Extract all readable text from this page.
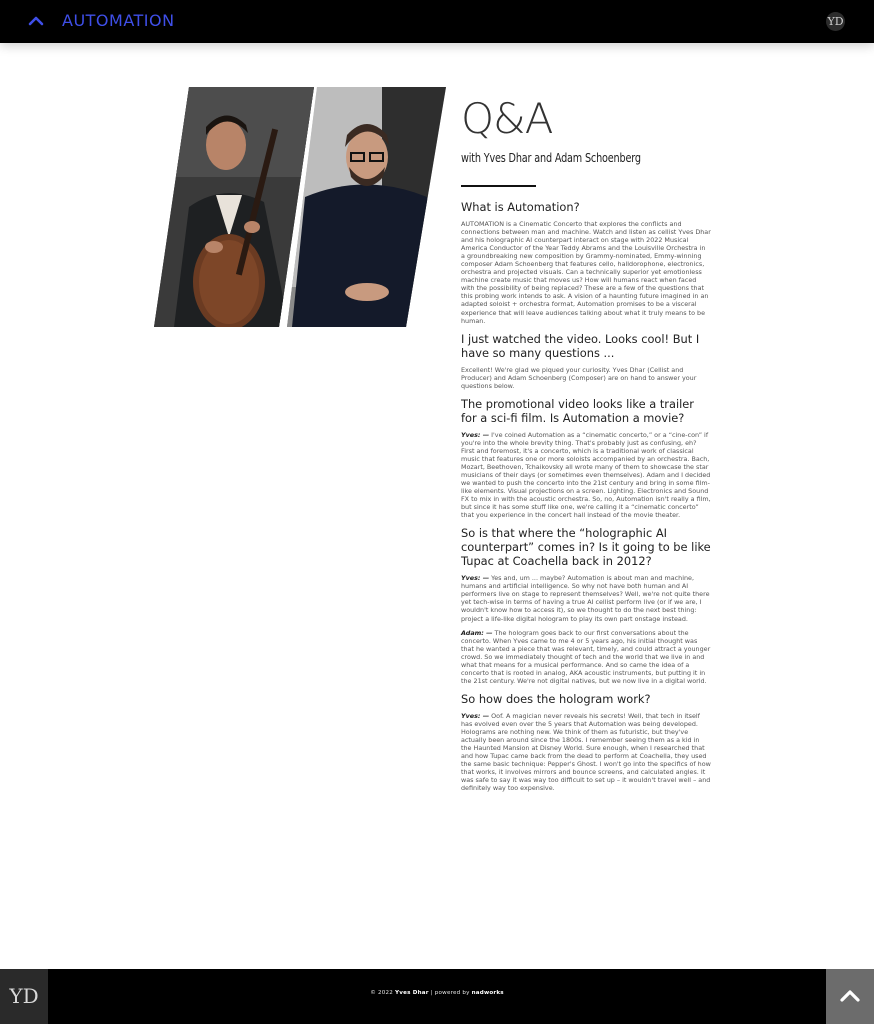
AUTOMATION	YD
Q&A
with Yves Dhar and Adam Schoenberg
What is Automation?

AUTOMATION is a Cinematic Concerto that explores the conflicts and connections between man and machine. Watch and listen as cellist Yves Dhar and his holographic AI counterpart interact on stage with 2022 Musical America Conductor of the Year Teddy Abrams and the Louisville Orchestra in a groundbreaking new composition by Grammy-nominated, Emmy-winning composer Adam Schoenberg that features cello, halldorophone, electronics, orchestra and projected visuals. Can a technically superior yet emotionless machine create music that moves us? How will humans react when faced with the possibility of being replaced? These are a few of the questions that this probing work intends to ask. A vision of a haunting future imagined in an adapted soloist + orchestra format, Automation promises to be a visceral experience that will leave audiences talking about what it truly means to be human.

I just watched the video. Looks cool! But I have so many questions ...

Excellent! We're glad we piqued your curiosity. Yves Dhar (Cellist and Producer) and Adam Schoenberg (Composer) are on hand to answer your questions below.

The promotional video looks like a trailer for a sci-fi film. Is Automation a movie?

Yves: — I've coined Automation as a “cinematic concerto,” or a “cine-con” if you're into the whole brevity thing. That's probably just as confusing, eh? First and foremost, it's a concerto, which is a traditional work of classical music that features one or more soloists accompanied by an orchestra. Bach, Mozart, Beethoven, Tchaikovsky all wrote many of them to showcase the star musicians of their days (or sometimes even themselves). Adam and I decided we wanted to push the concerto into the 21st century and bring in some film-like elements. Visual projections on a screen. Lighting. Electronics and Sound FX to mix in with the acoustic orchestra. So, no, Automation isn't really a film, but since it has some stuff like one, we're calling it a “cinematic concerto” that you experience in the concert hall instead of the movie theater.

So is that where the “holographic AI counterpart” comes in? Is it going to be like Tupac at Coachella back in 2012?

Yves: — Yes and, um ... maybe? Automation is about man and machine, humans and artificial intelligence. So why not have both human and AI performers live on stage to represent themselves? Well, we're not quite there yet tech-wise in terms of having a true AI cellist perform live (or if we are, I wouldn't know how to access it), so we thought to do the next best thing: project a life-like digital hologram to play its own part onstage instead.

Adam: — The hologram goes back to our first conversations about the concerto. When Yves came to me 4 or 5 years ago, his initial thought was that he wanted a piece that was relevant, timely, and could attract a younger crowd. So we immediately thought of tech and the world that we live in and what that means for a musical performance. And so came the idea of a concerto that is rooted in analog, AKA acoustic instruments, but putting it in the 21st century. We're not digital natives, but we now live in a digital world.

So how does the hologram work?

Yves: — Oof. A magician never reveals his secrets! Well, that tech in itself has evolved even over the 5 years that Automation was being developed. Holograms are nothing new. We think of them as futuristic, but they've actually been around since the 1800s. I remember seeing them as a kid in the Haunted Mansion at Disney World. Sure enough, when I researched that and how Tupac came back from the dead to perform at Coachella, they used the same basic technique: Pepper's Ghost. I won't go into the specifics of how that works, it involves mirrors and bounce screens, and calculated angles. It was safe to say it was way too difficult to set up – it wouldn't travel well – and definitely way too expensive.

YD	© 2022 Yves Dhar | powered by nadworks
